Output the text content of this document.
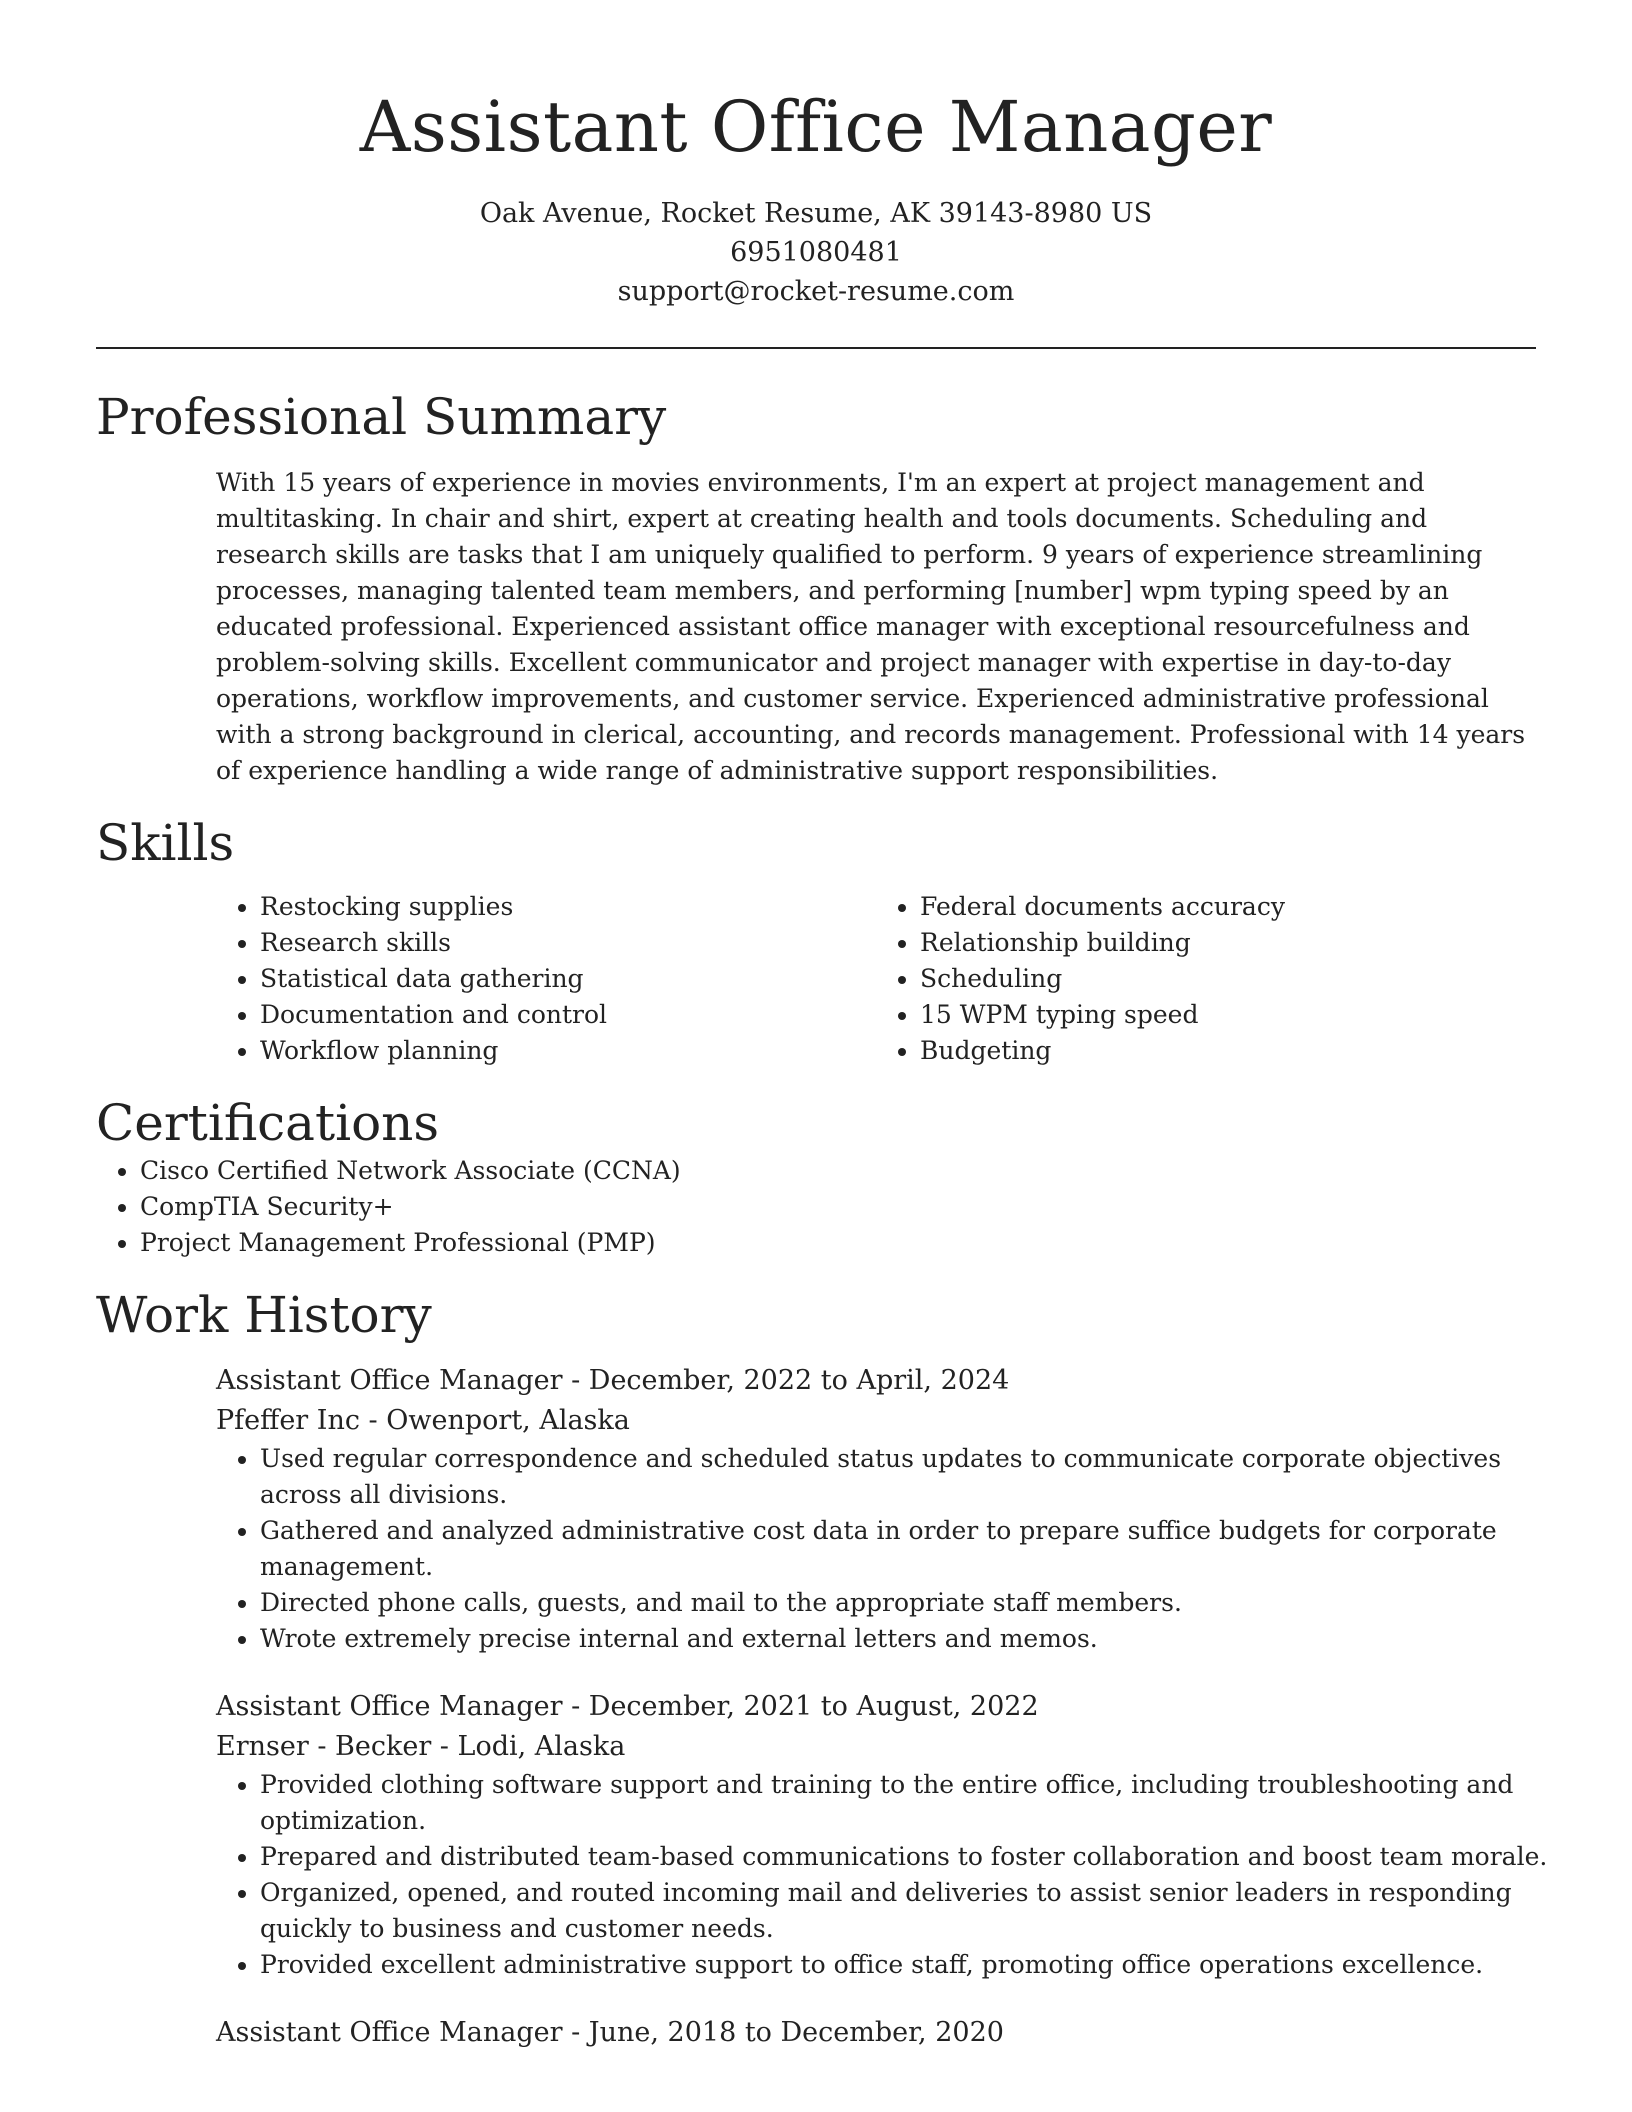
Assistant Office Manager
Oak Avenue, Rocket Resume, AK 39143-8980 US
6951080481
support@rocket-resume.com
Professional Summary

With 15 years of experience in movies environments, I'm an expert at project management and multitasking. In chair and shirt, expert at creating health and tools documents. Scheduling and research skills are tasks that I am uniquely qualified to perform. 9 years of experience streamlining processes, managing talented team members, and performing [number] wpm typing speed by an educated professional. Experienced assistant office manager with exceptional resourcefulness and problem-solving skills. Excellent communicator and project manager with expertise in day-to-day operations, workflow improvements, and customer service. Experienced administrative professional with a strong background in clerical, accounting, and records management. Professional with 14 years of experience handling a wide range of administrative support responsibilities.

Skills
• Restocking supplies
• Research skills
• Statistical data gathering
• Documentation and control
• Workflow planning
• Federal documents accuracy
• Relationship building
• Scheduling
• 15 WPM typing speed
• Budgeting
Certifications
• Cisco Certified Network Associate (CCNA)
• CompTIA Security+
• Project Management Professional (PMP)
Work History
Assistant Office Manager - December, 2022 to April, 2024
Pfeffer Inc - Owenport, Alaska
• Used regular correspondence and scheduled status updates to communicate corporate objectives across all divisions.
• Gathered and analyzed administrative cost data in order to prepare suffice budgets for corporate management.
• Directed phone calls, guests, and mail to the appropriate staff members.
• Wrote extremely precise internal and external letters and memos.
Assistant Office Manager - December, 2021 to August, 2022
Ernser - Becker - Lodi, Alaska
• Provided clothing software support and training to the entire office, including troubleshooting and optimization.
• Prepared and distributed team-based communications to foster collaboration and boost team morale.
• Organized, opened, and routed incoming mail and deliveries to assist senior leaders in responding quickly to business and customer needs.
• Provided excellent administrative support to office staff, promoting office operations excellence.
Assistant Office Manager - June, 2018 to December, 2020
